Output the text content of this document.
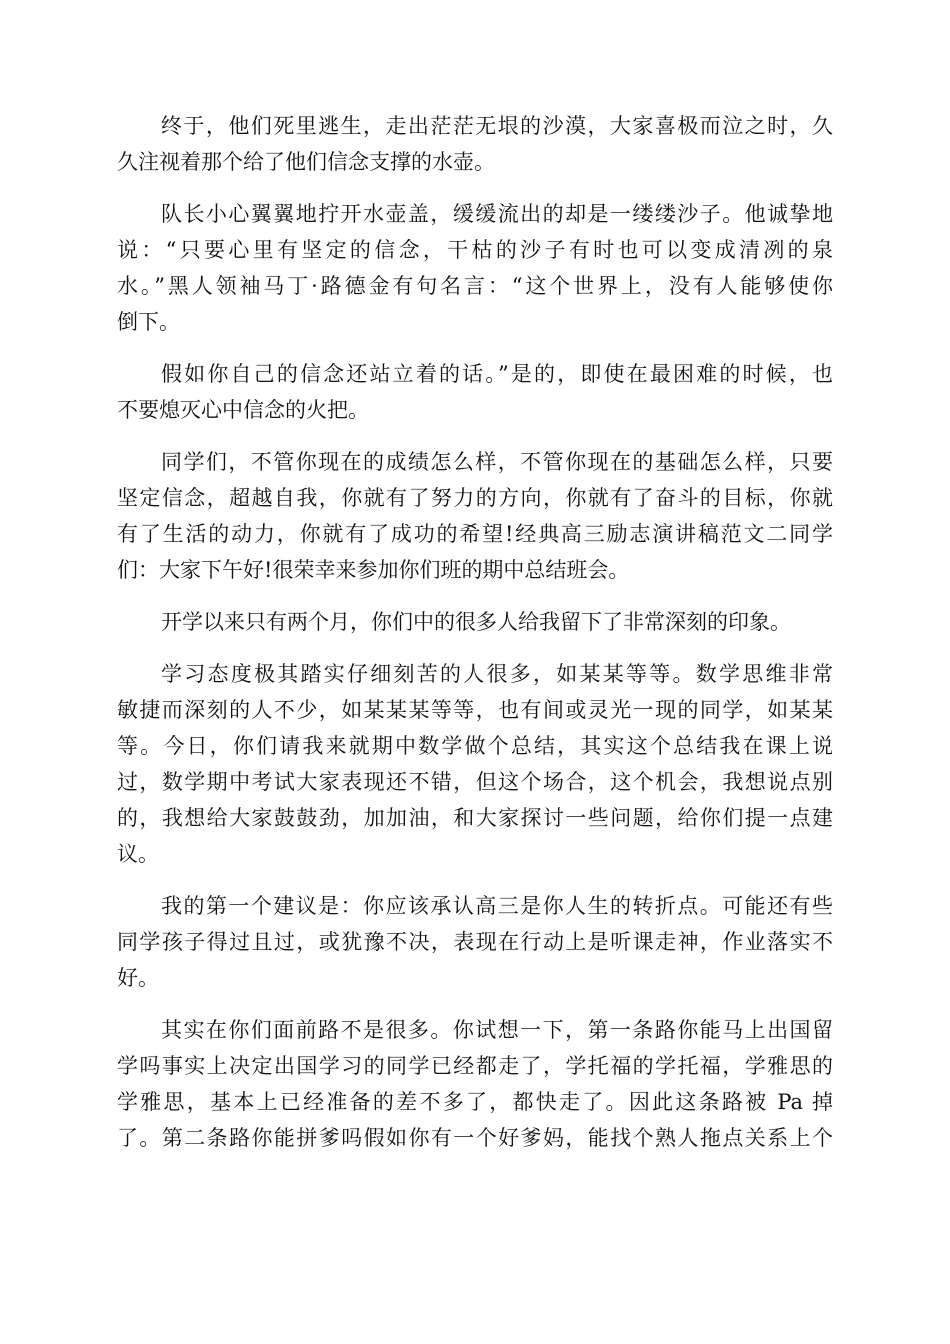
终于，他们死里逃生，走出茫茫无垠的沙漠，大家喜极而泣之时，久
久注视着那个给了他们信念支撑的水壶。
队长小心翼翼地拧开水壶盖，缓缓流出的却是一缕缕沙子。他诚挚地
说：“只要心里有坚定的信念，干枯的沙子有时也可以变成清冽的泉
水。”黑人领袖马丁·路德金有句名言：“这个世界上，没有人能够使你
倒下。
假如你自己的信念还站立着的话。”是的，即使在最困难的时候，也
不要熄灭心中信念的火把。
同学们，不管你现在的成绩怎么样，不管你现在的基础怎么样，只要
坚定信念，超越自我，你就有了努力的方向，你就有了奋斗的目标，你就
有了生活的动力，你就有了成功的希望!经典高三励志演讲稿范文二同学
们：大家下午好!很荣幸来参加你们班的期中总结班会。
开学以来只有两个月，你们中的很多人给我留下了非常深刻的印象。
学习态度极其踏实仔细刻苦的人很多，如某某等等。数学思维非常
敏捷而深刻的人不少，如某某某等等，也有间或灵光一现的同学，如某某
等。今日，你们请我来就期中数学做个总结，其实这个总结我在课上说
过，数学期中考试大家表现还不错，但这个场合，这个机会，我想说点别
的，我想给大家鼓鼓劲，加加油，和大家探讨一些问题，给你们提一点建
议。
我的第一个建议是：你应该承认高三是你人生的转折点。可能还有些
同学孩子得过且过，或犹豫不决，表现在行动上是听课走神，作业落实不
好。
其实在你们面前路不是很多。你试想一下，第一条路你能马上出国留
学吗事实上决定出国学习的同学已经都走了，学托福的学托福，学雅思的
学雅思，基本上已经准备的差不多了，都快走了。因此这条路被 Pa 掉
了。第二条路你能拼爹吗假如你有一个好爹妈，能找个熟人拖点关系上个
